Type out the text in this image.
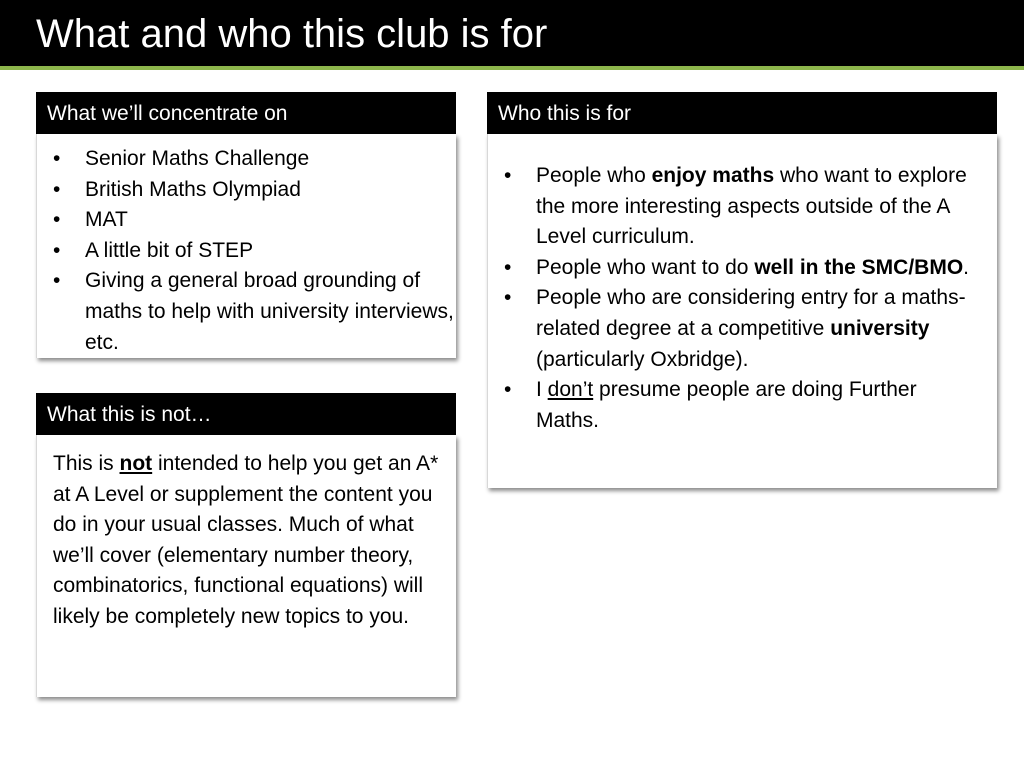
What and who this club is for
What we’ll concentrate on
• Senior Maths Challenge
• British Maths Olympiad
• MAT
• A little bit of STEP
• Giving a general broad grounding of maths to help with university interviews, etc.
What this is not…

This is not intended to help you get an A* at A Level or supplement the content you do in your usual classes. Much of what we’ll cover (elementary number theory, combinatorics, functional equations) will likely be completely new topics to you.

Who this is for
• People who enjoy maths who want to explore the more interesting aspects outside of the A Level curriculum.
• People who want to do well in the SMC/BMO.
• People who are considering entry for a maths-related degree at a competitive university (particularly Oxbridge).
• I don’t presume people are doing Further Maths.
